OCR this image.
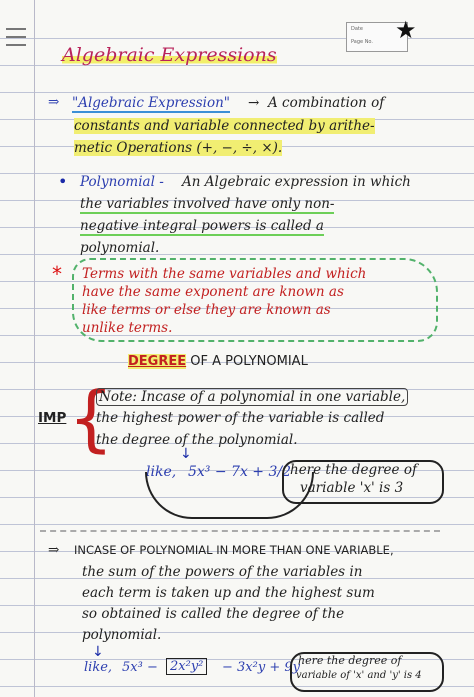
Date
Page No. ★
Algebraic Expressions
⇒ "Algebraic Expression" → A combination of
constants and variable connected by arithe-
metic Operations (+, −, ÷, ×).
• Polynomial - An Algebraic expression in which
the variables involved have only non-
negative integral powers is called a
polynomial.
* Terms with the same variables and which
have the same exponent are known as
like terms or else they are known as
unlike terms.
DEGREE OF A POLYNOMIAL
IMP {
Note: Incase of a polynomial in one variable,
the highest power of the variable is called
the degree of the polynomial.
↓
like, 5x³ − 7x + 3/2
here the degree of
variable 'x' is 3
⇒ INCASE OF POLYNOMIAL IN MORE THAN ONE VARIABLE,
the sum of the powers of the variables in
each term is taken up and the highest sum
so obtained is called the degree of the
polynomial.
↓
like, 5x³ − 2x²y²	− 3x²y + 9y
here the degree of
variable of 'x' and 'y' is 4
